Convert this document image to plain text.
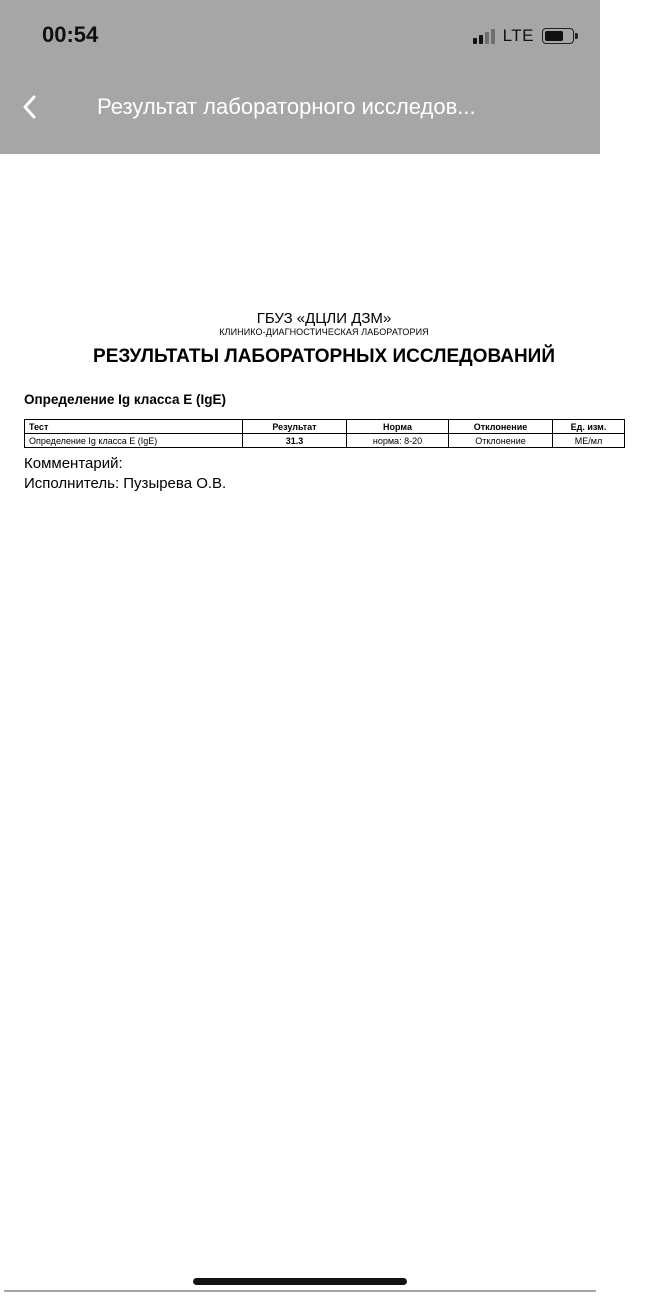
00:54	LTE
Результат лабораторного исследов...
ГБУЗ «ДЦЛИ ДЗМ»
КЛИНИКО-ДИАГНОСТИЧЕСКАЯ ЛАБОРАТОРИЯ
РЕЗУЛЬТАТЫ ЛАБОРАТОРНЫХ ИССЛЕДОВАНИЙ
Определение Ig класса E (IgE)
Тест	Результат	Норма	Отклонение	Ед. изм.
Определение Ig класса E (IgE)	31.3	норма: 8-20	Отклонение	МЕ/мл
Комментарий:
Исполнитель: Пузырева О.В.
